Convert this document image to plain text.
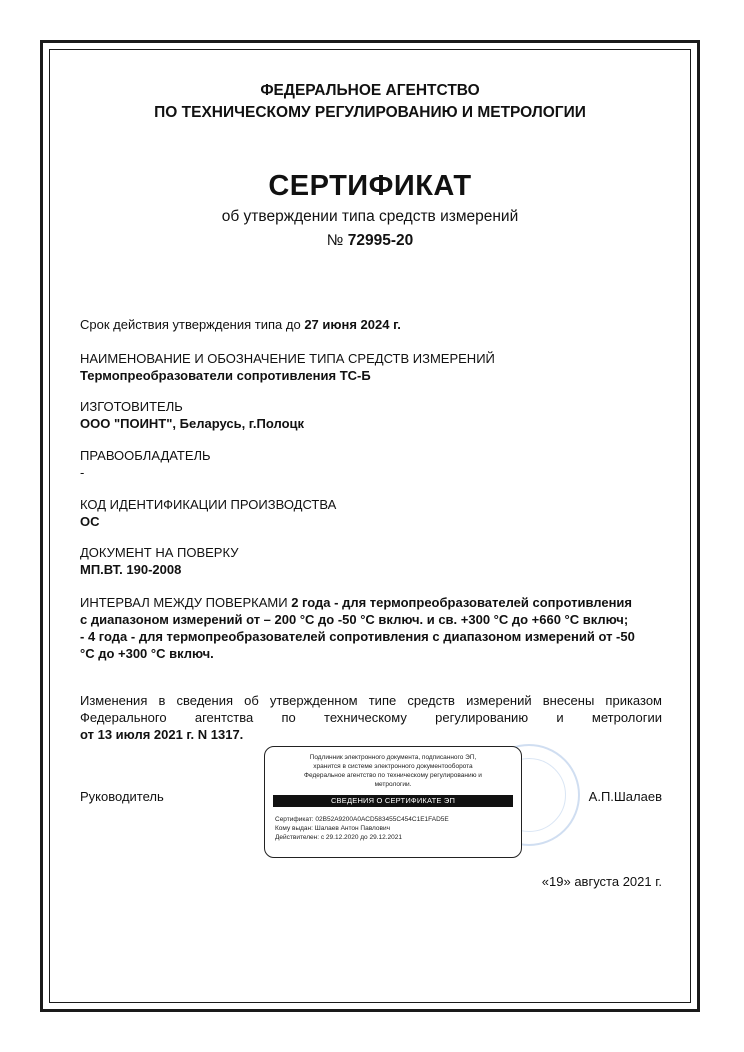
ФЕДЕРАЛЬНОЕ АГЕНТСТВО
ПО ТЕХНИЧЕСКОМУ РЕГУЛИРОВАНИЮ И МЕТРОЛОГИИ
СЕРТИФИКАТ
об утверждении типа средств измерений
№ 72995-20
Срок действия утверждения типа до 27 июня 2024 г.
НАИМЕНОВАНИЕ И ОБОЗНАЧЕНИЕ ТИПА СРЕДСТВ ИЗМЕРЕНИЙ
Термопреобразователи сопротивления ТС-Б
ИЗГОТОВИТЕЛЬ
ООО "ПОИНТ", Беларусь, г.Полоцк
ПРАВООБЛАДАТЕЛЬ
-
КОД ИДЕНТИФИКАЦИИ ПРОИЗВОДСТВА
ОС
ДОКУМЕНТ НА ПОВЕРКУ
МП.ВТ. 190-2008
ИНТЕРВАЛ МЕЖДУ ПОВЕРКАМИ 2 года - для термопреобразователей сопротивления
с диапазоном измерений от – 200 °С до -50 °С включ. и св. +300 °С до +660 °С включ;
- 4 года - для термопреобразователей сопротивления с диапазоном измерений от -50
°С до +300 °С включ.
Изменения в сведения об утвержденном типе средств измерений внесены приказом
Федерального агентства по техническому регулированию и метрологии
от 13 июля 2021 г. N 1317.
Подлинник электронного документа, подписанного ЭП,
хранится в системе электронного документооборота
Федеральное агентство по техническому регулированию и
метрологии.
СВЕДЕНИЯ О СЕРТИФИКАТЕ ЭП
Сертификат: 02B52A9200A0ACD583455C454C1E1FAD5E
Кому выдан: Шалаев Антон Павлович
Действителен: с 29.12.2020 до 29.12.2021
Руководитель	А.П.Шалаев
«19» августа 2021 г.
